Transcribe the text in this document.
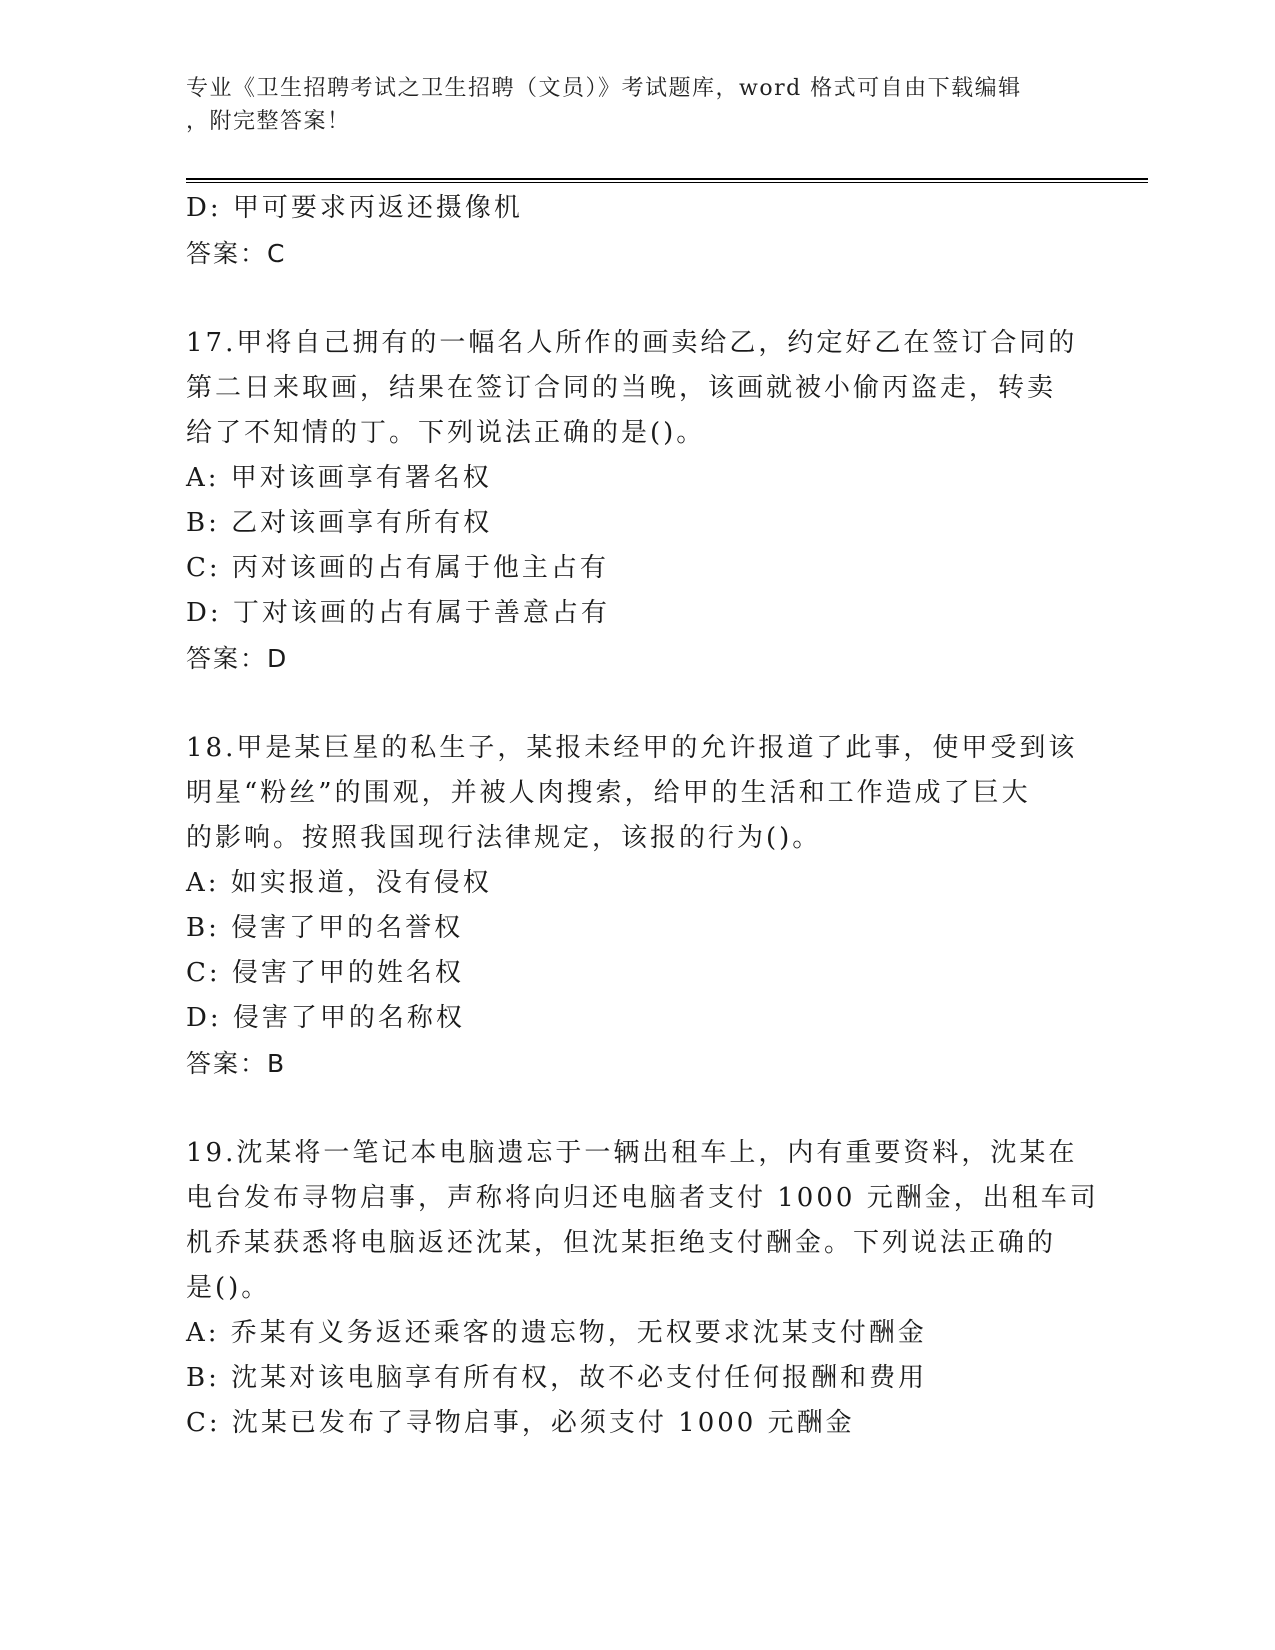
专业《卫生招聘考试之卫生招聘（文员）》考试题库，word 格式可自由下载编辑
，附完整答案！
D: 甲可要求丙返还摄像机
答案：C
17.甲将自己拥有的一幅名人所作的画卖给乙，约定好乙在签订合同的
第二日来取画，结果在签订合同的当晚，该画就被小偷丙盗走，转卖
给了不知情的丁。下列说法正确的是()。
A: 甲对该画享有署名权
B: 乙对该画享有所有权
C: 丙对该画的占有属于他主占有
D: 丁对该画的占有属于善意占有
答案：D
18.甲是某巨星的私生子，某报未经甲的允许报道了此事，使甲受到该
明星“粉丝”的围观，并被人肉搜索，给甲的生活和工作造成了巨大
的影响。按照我国现行法律规定，该报的行为()。
A: 如实报道，没有侵权
B: 侵害了甲的名誉权
C: 侵害了甲的姓名权
D: 侵害了甲的名称权
答案：B
19.沈某将一笔记本电脑遗忘于一辆出租车上，内有重要资料，沈某在
电台发布寻物启事，声称将向归还电脑者支付 1000 元酬金，出租车司
机乔某获悉将电脑返还沈某，但沈某拒绝支付酬金。下列说法正确的
是()。
A: 乔某有义务返还乘客的遗忘物，无权要求沈某支付酬金
B: 沈某对该电脑享有所有权，故不必支付任何报酬和费用
C: 沈某已发布了寻物启事，必须支付 1000 元酬金
